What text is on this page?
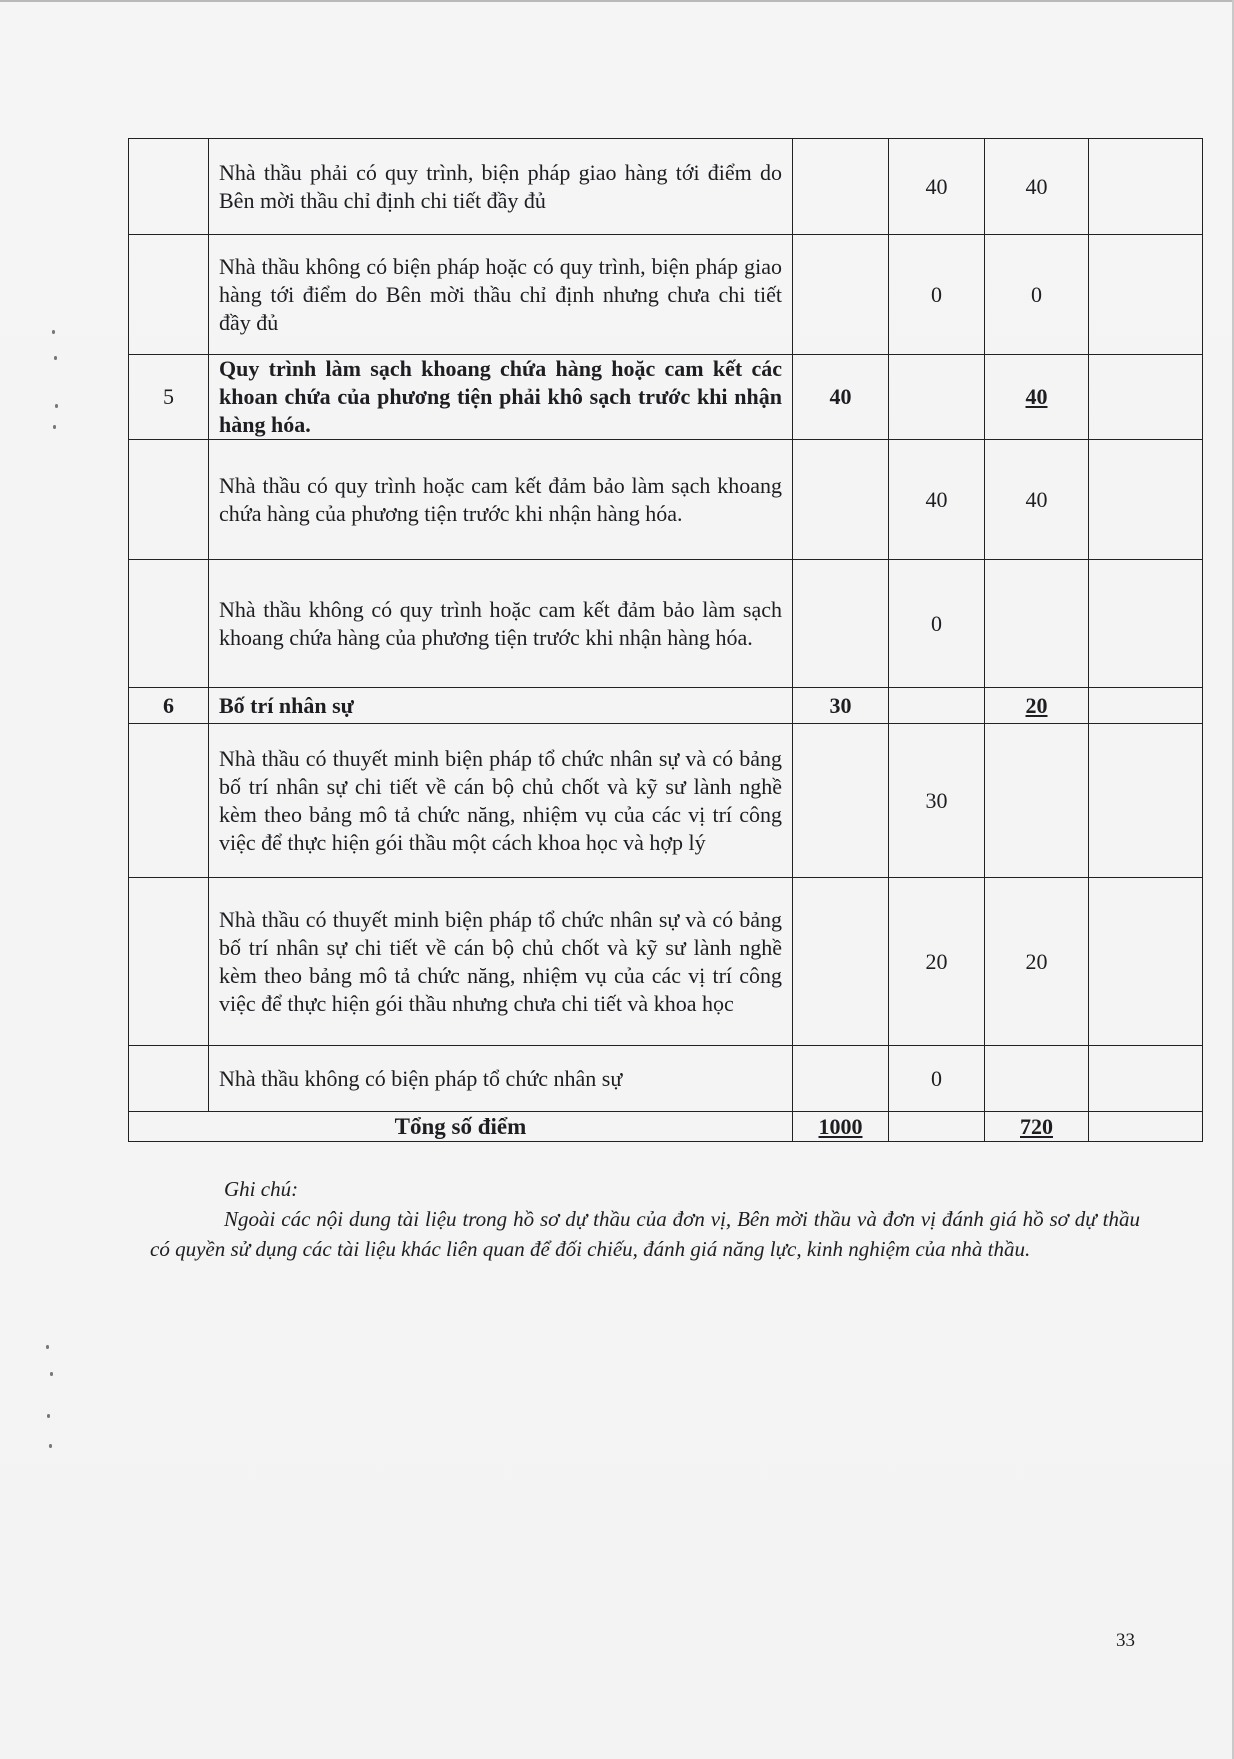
	Nhà thầu phải có quy trình, biện pháp giao hàng tới điểm do Bên mời thầu chỉ định chi tiết đầy đủ		40	40	
	Nhà thầu không có biện pháp hoặc có quy trình, biện pháp giao hàng tới điểm do Bên mời thầu chỉ định nhưng chưa chi tiết đầy đủ		0	0	
5	Quy trình làm sạch khoang chứa hàng hoặc cam kết các khoan chứa của phương tiện phải khô sạch trước khi nhận hàng hóa.	40		40	
	Nhà thầu có quy trình hoặc cam kết đảm bảo làm sạch khoang chứa hàng của phương tiện trước khi nhận hàng hóa.		40	40	
	Nhà thầu không có quy trình hoặc cam kết đảm bảo làm sạch khoang chứa hàng của phương tiện trước khi nhận hàng hóa.		0		
6	Bố trí nhân sự	30		20	
	Nhà thầu có thuyết minh biện pháp tổ chức nhân sự và có bảng bố trí nhân sự chi tiết về cán bộ chủ chốt và kỹ sư lành nghề kèm theo bảng mô tả chức năng, nhiệm vụ của các vị trí công việc để thực hiện gói thầu một cách khoa học và hợp lý		30		
	Nhà thầu có thuyết minh biện pháp tổ chức nhân sự và có bảng bố trí nhân sự chi tiết về cán bộ chủ chốt và kỹ sư lành nghề kèm theo bảng mô tả chức năng, nhiệm vụ của các vị trí công việc để thực hiện gói thầu nhưng chưa chi tiết và khoa học		20	20	
	Nhà thầu không có biện pháp tổ chức nhân sự		0		
Tổng số điểm		1000		720	
Ghi chú:
Ngoài các nội dung tài liệu trong hồ sơ dự thầu của đơn vị, Bên mời thầu và đơn vị đánh giá hồ sơ dự thầu có quyền sử dụng các tài liệu khác liên quan để đối chiếu, đánh giá năng lực, kinh nghiệm của nhà thầu.
33
